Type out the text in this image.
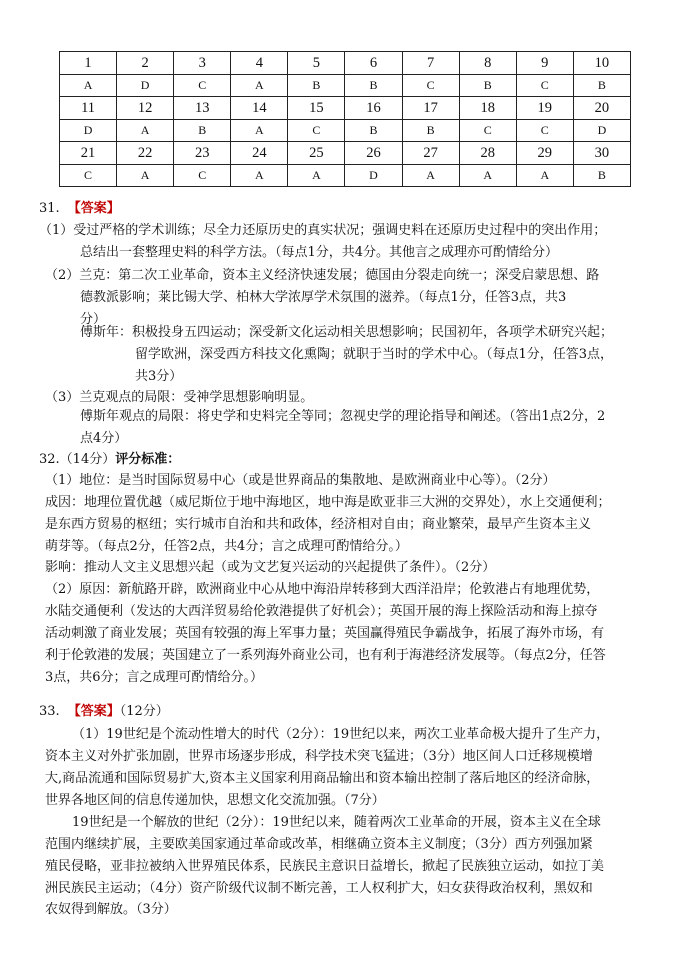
1	2	3	4	5	6	7	8	9	10
A	D	C	A	B	B	C	B	C	B
11	12	13	14	15	16	17	18	19	20
D	A	B	A	C	B	B	C	C	D
21	22	23	24	25	26	27	28	29	30
C	A	C	A	A	D	A	A	A	B
31. 【答案】
（1）受过严格的学术训练；尽全力还原历史的真实状况；强调史料在还原历史过程中的突出作用；
总结出一套整理史料的科学方法。（每点1分，共4分。其他言之成理亦可酌情给分）
（2）兰克：第二次工业革命，资本主义经济快速发展；德国由分裂走向统一；深受启蒙思想、路
德教派影响；莱比锡大学、柏林大学浓厚学术氛围的滋养。（每点1分，任答3点，共3
分）
傅斯年：积极投身五四运动；深受新文化运动相关思想影响；民国初年，各项学术研究兴起；
留学欧洲，深受西方科技文化熏陶；就职于当时的学术中心。（每点1分，任答3点，
共3分）
（3）兰克观点的局限：受神学思想影响明显。
傅斯年观点的局限：将史学和史料完全等同；忽视史学的理论指导和阐述。（答出1点2分，2
点4分）
32.（14分）评分标准：
（1）地位：是当时国际贸易中心（或是世界商品的集散地、是欧洲商业中心等）。（2分）
成因：地理位置优越（威尼斯位于地中海地区，地中海是欧亚非三大洲的交界处），水上交通便利；
是东西方贸易的枢纽；实行城市自治和共和政体，经济相对自由；商业繁荣，最早产生资本主义
萌芽等。（每点2分，任答2点，共4分；言之成理可酌情给分。）
影响：推动人文主义思想兴起（或为文艺复兴运动的兴起提供了条件）。（2分）
（2）原因：新航路开辟，欧洲商业中心从地中海沿岸转移到大西洋沿岸；伦敦港占有地理优势，
水陆交通便利（发达的大西洋贸易给伦敦港提供了好机会）；英国开展的海上探险活动和海上掠夺
活动刺激了商业发展；英国有较强的海上军事力量；英国赢得殖民争霸战争，拓展了海外市场，有
利于伦敦港的发展；英国建立了一系列海外商业公司，也有利于海港经济发展等。（每点2分，任答
3点，共6分；言之成理可酌情给分。）
33. 【答案】（12分）
（1）19世纪是个流动性增大的时代（2分）：19世纪以来，两次工业革命极大提升了生产力，
资本主义对外扩张加剧，世界市场逐步形成，科学技术突飞猛进；（3分）地区间人口迁移规模增
大,商品流通和国际贸易扩大,资本主义国家利用商品输出和资本输出控制了落后地区的经济命脉，
世界各地区间的信息传递加快，思想文化交流加强。（7分）
19世纪是一个解放的世纪（2分）：19世纪以来，随着两次工业革命的开展，资本主义在全球
范围内继续扩展，主要欧美国家通过革命或改革，相继确立资本主义制度；（3分）西方列强加紧
殖民侵略，亚非拉被纳入世界殖民体系，民族民主意识日益增长，掀起了民族独立运动，如拉丁美
洲民族民主运动；（4分）资产阶级代议制不断完善，工人权利扩大，妇女获得政治权利，黑奴和
农奴得到解放。（3分）
